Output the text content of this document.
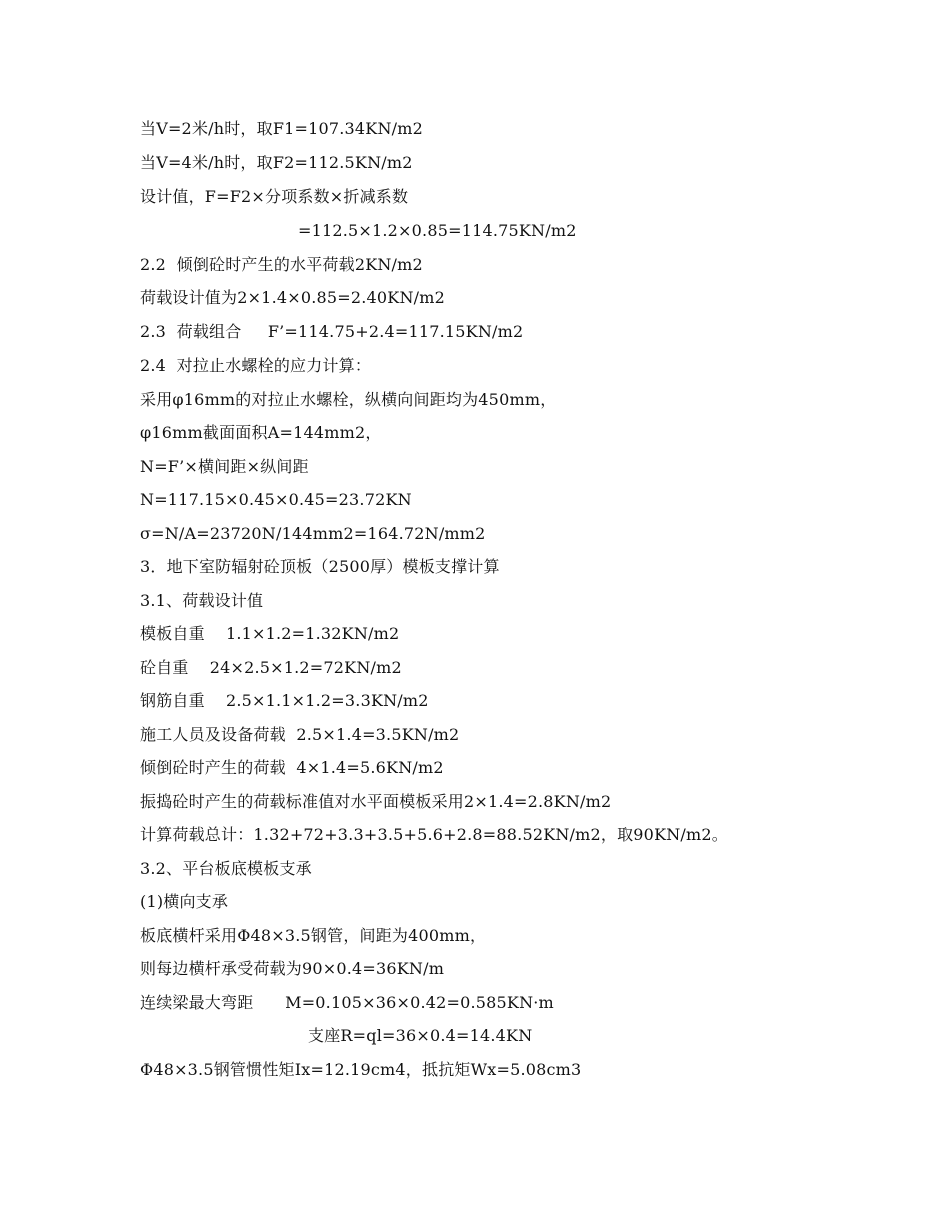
当V=2米/h时，取F1=107.34KN/m2
当V=4米/h时，取F2=112.5KN/m2
设计值，F=F2×分项系数×折减系数
=112.5×1.2×0.85=114.75KN/m2
2.2  倾倒砼时产生的水平荷载2KN/m2
荷载设计值为2×1.4×0.85=2.40KN/m2
2.3  荷载组合     F’=114.75+2.4=117.15KN/m2
2.4  对拉止水螺栓的应力计算：
采用φ16mm的对拉止水螺栓，纵横向间距均为450mm，
φ16mm截面面积A=144mm2，
N=F’×横间距×纵间距
N=117.15×0.45×0.45=23.72KN
σ=N/A=23720N/144mm2=164.72N/mm2
3．地下室防辐射砼顶板（2500厚）模板支撑计算
3.1、荷载设计值
模板自重    1.1×1.2=1.32KN/m2
砼自重    24×2.5×1.2=72KN/m2
钢筋自重    2.5×1.1×1.2=3.3KN/m2
施工人员及设备荷载  2.5×1.4=3.5KN/m2
倾倒砼时产生的荷载  4×1.4=5.6KN/m2
振捣砼时产生的荷载标准值对水平面模板采用2×1.4=2.8KN/m2
计算荷载总计：1.32+72+3.3+3.5+5.6+2.8=88.52KN/m2，取90KN/m2。
3.2、平台板底模板支承
(1)横向支承
板底横杆采用Φ48×3.5钢管，间距为400mm，
则每边横杆承受荷载为90×0.4=36KN/m
连续梁最大弯距      M=0.105×36×0.42=0.585KN·m
支座R=ql=36×0.4=14.4KN
Φ48×3.5钢管惯性矩Ix=12.19cm4，抵抗矩Wx=5.08cm3
